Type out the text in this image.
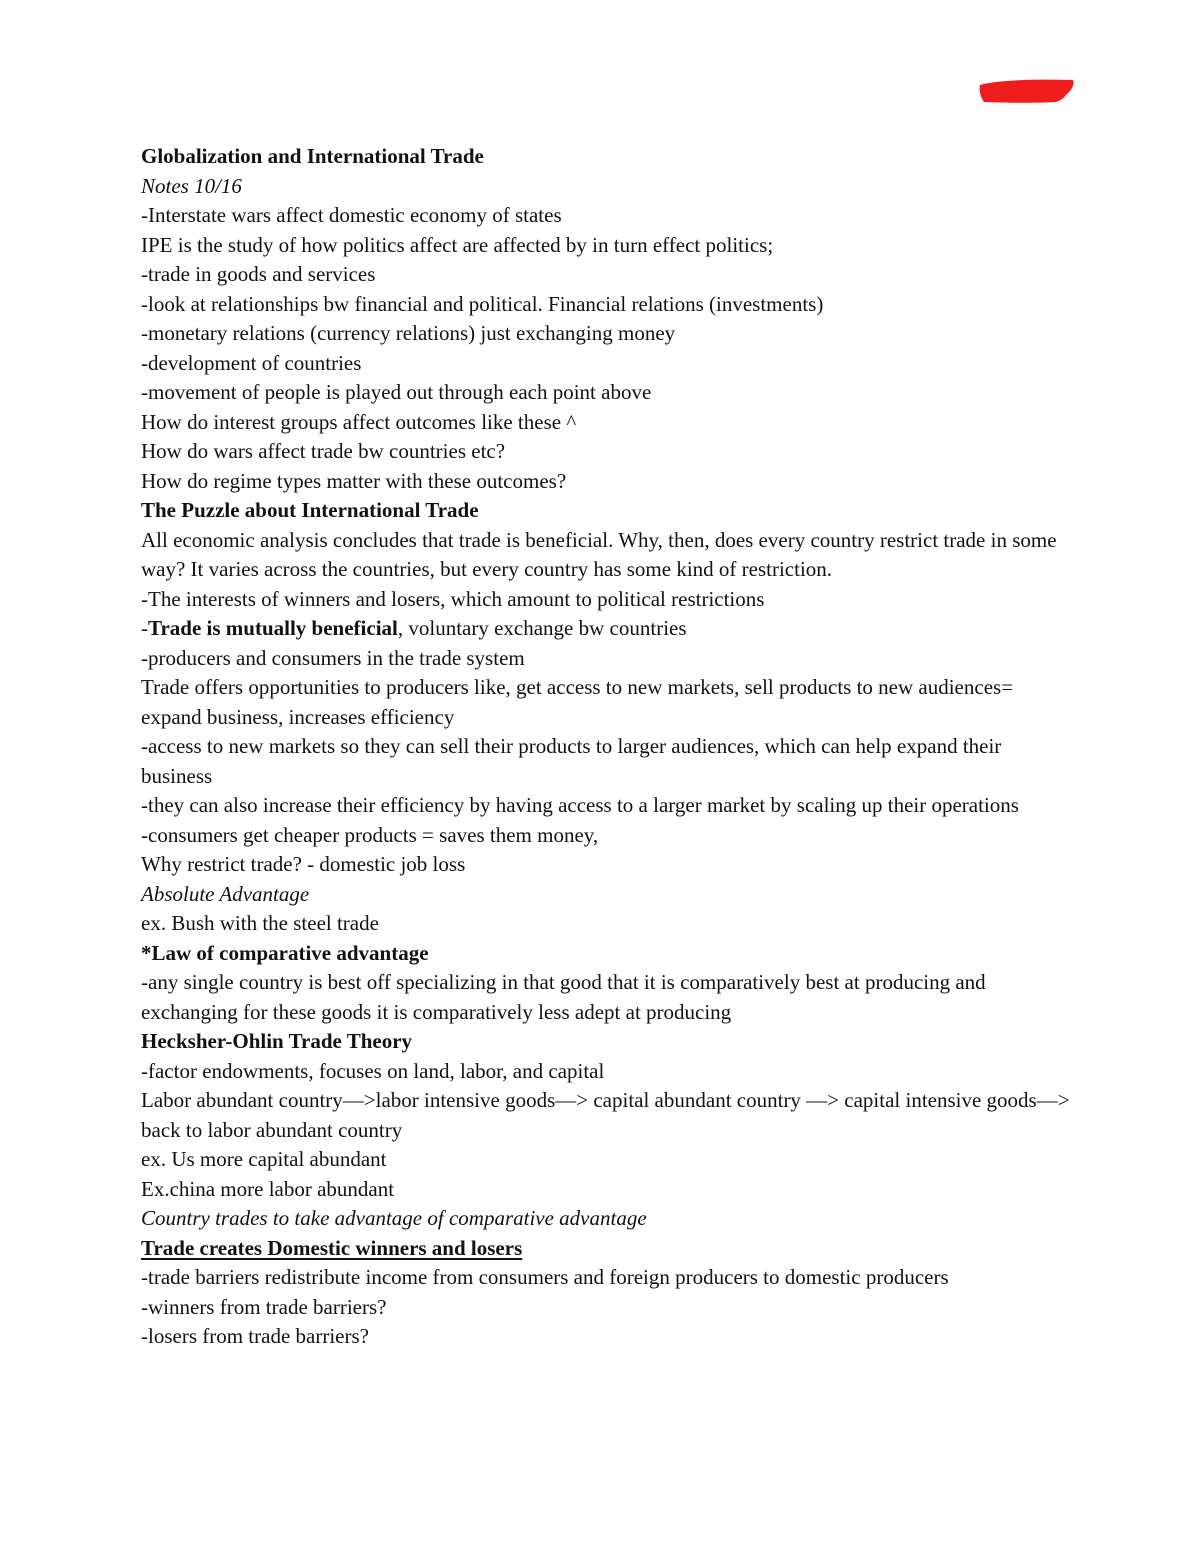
Globalization and International Trade

Notes 10/16

-Interstate wars affect domestic economy of states

IPE is the study of how politics affect are affected by in turn effect politics;

-trade in goods and services

-look at relationships bw financial and political. Financial relations (investments)

-monetary relations (currency relations) just exchanging money

-development of countries

-movement of people is played out through each point above

How do interest groups affect outcomes like these ^

How do wars affect trade bw countries etc?

How do regime types matter with these outcomes?

The Puzzle about International Trade

All economic analysis concludes that trade is beneficial. Why, then, does every country restrict trade in some way? It varies across the countries, but every country has some kind of restriction.

-The interests of winners and losers, which amount to political restrictions

-Trade is mutually beneficial, voluntary exchange bw countries

-producers and consumers in the trade system

Trade offers opportunities to producers like, get access to new markets, sell products to new audiences= expand business, increases efficiency

-access to new markets so they can sell their products to larger audiences, which can help expand their business

-they can also increase their efficiency by having access to a larger market by scaling up their operations

-consumers get cheaper products = saves them money,

Why restrict trade? - domestic job loss

Absolute Advantage

ex. Bush with the steel trade

*Law of comparative advantage

-any single country is best off specializing in that good that it is comparatively best at producing and exchanging for these goods it is comparatively less adept at producing

Hecksher-Ohlin Trade Theory

-factor endowments, focuses on land, labor, and capital

Labor abundant country—>labor intensive goods—> capital abundant country —> capital intensive goods—> back to labor abundant country

ex. Us more capital abundant

Ex.china more labor abundant

Country trades to take advantage of comparative advantage

Trade creates Domestic winners and losers

-trade barriers redistribute income from consumers and foreign producers to domestic producers

-winners from trade barriers?

-losers from trade barriers?
